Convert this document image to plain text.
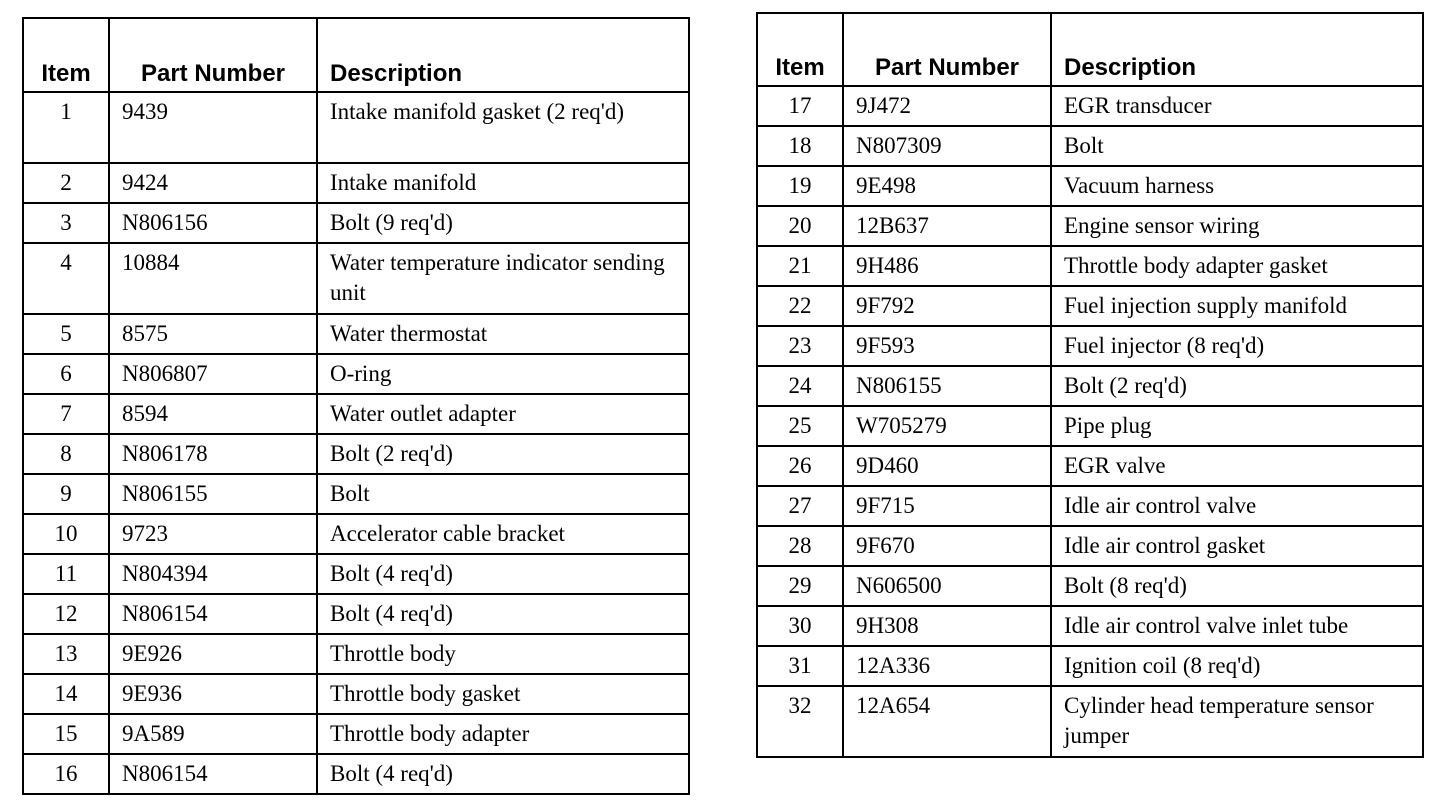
Item	Part Number	Description
1	9439	Intake manifold gasket (2 req'd)
2	9424	Intake manifold
3	N806156	Bolt (9 req'd)
4	10884	Water temperature indicator sending unit
5	8575	Water thermostat
6	N806807	O-ring
7	8594	Water outlet adapter
8	N806178	Bolt (2 req'd)
9	N806155	Bolt
10	9723	Accelerator cable bracket
11	N804394	Bolt (4 req'd)
12	N806154	Bolt (4 req'd)
13	9E926	Throttle body
14	9E936	Throttle body gasket
15	9A589	Throttle body adapter
16	N806154	Bolt (4 req'd)
Item	Part Number	Description
17	9J472	EGR transducer
18	N807309	Bolt
19	9E498	Vacuum harness
20	12B637	Engine sensor wiring
21	9H486	Throttle body adapter gasket
22	9F792	Fuel injection supply manifold
23	9F593	Fuel injector (8 req'd)
24	N806155	Bolt (2 req'd)
25	W705279	Pipe plug
26	9D460	EGR valve
27	9F715	Idle air control valve
28	9F670	Idle air control gasket
29	N606500	Bolt (8 req'd)
30	9H308	Idle air control valve inlet tube
31	12A336	Ignition coil (8 req'd)
32	12A654	Cylinder head temperature sensor jumper
